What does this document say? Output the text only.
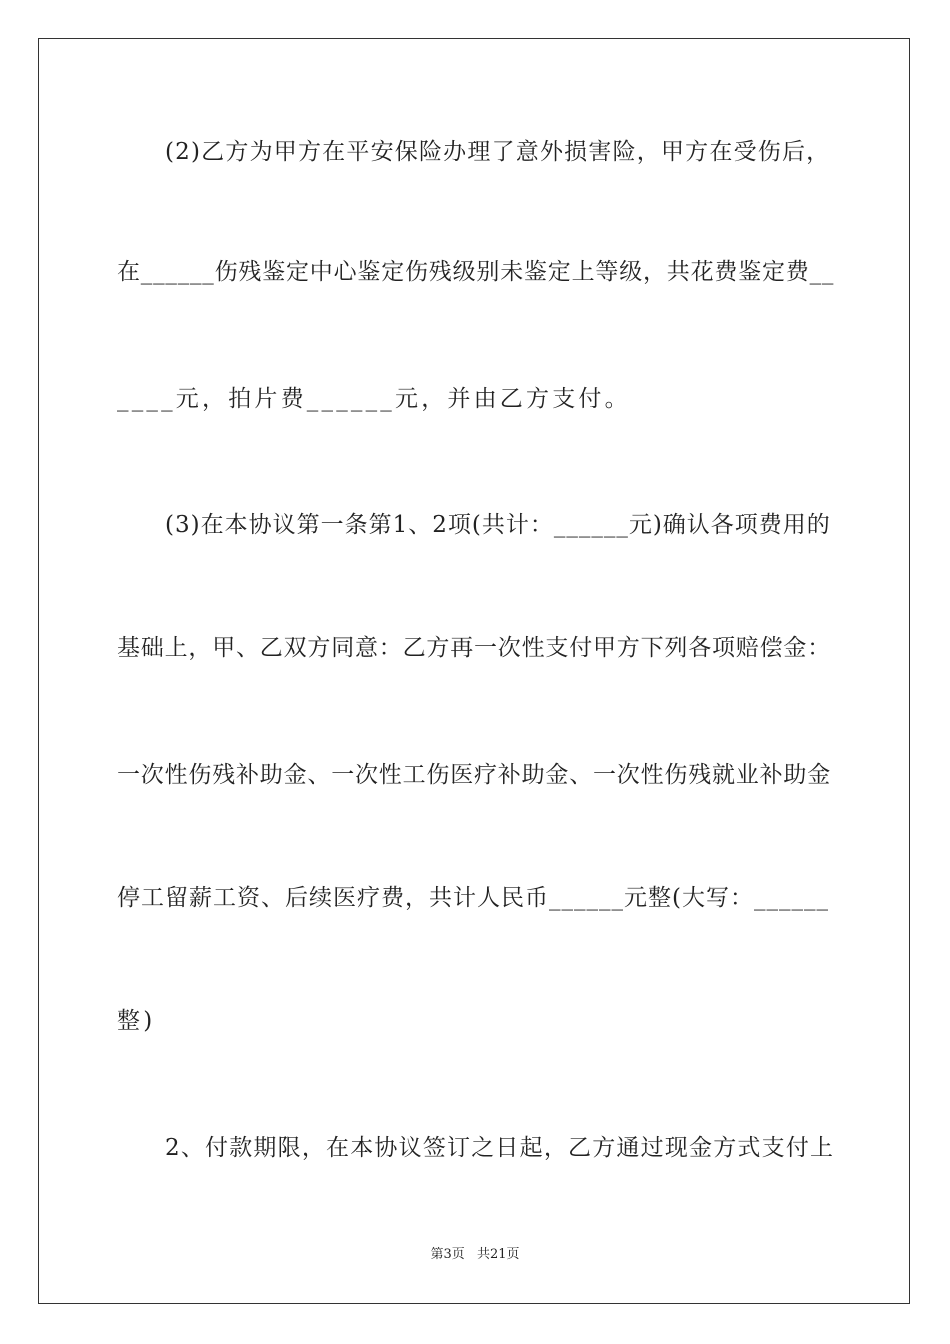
(2)乙方为甲方在平安保险办理了意外损害险，甲方在受伤后，
在______伤残鉴定中心鉴定伤残级别未鉴定上等级，共花费鉴定费__
____元，拍片费______元，并由乙方支付。
(3)在本协议第一条第1、2项(共计：______元)确认各项费用的
基础上，甲、乙双方同意：乙方再一次性支付甲方下列各项赔偿金：
一次性伤残补助金、一次性工伤医疗补助金、一次性伤残就业补助金
停工留薪工资、后续医疗费，共计人民币______元整(大写：______
整)
2、付款期限，在本协议签订之日起，乙方通过现金方式支付上
第3页 共21页
